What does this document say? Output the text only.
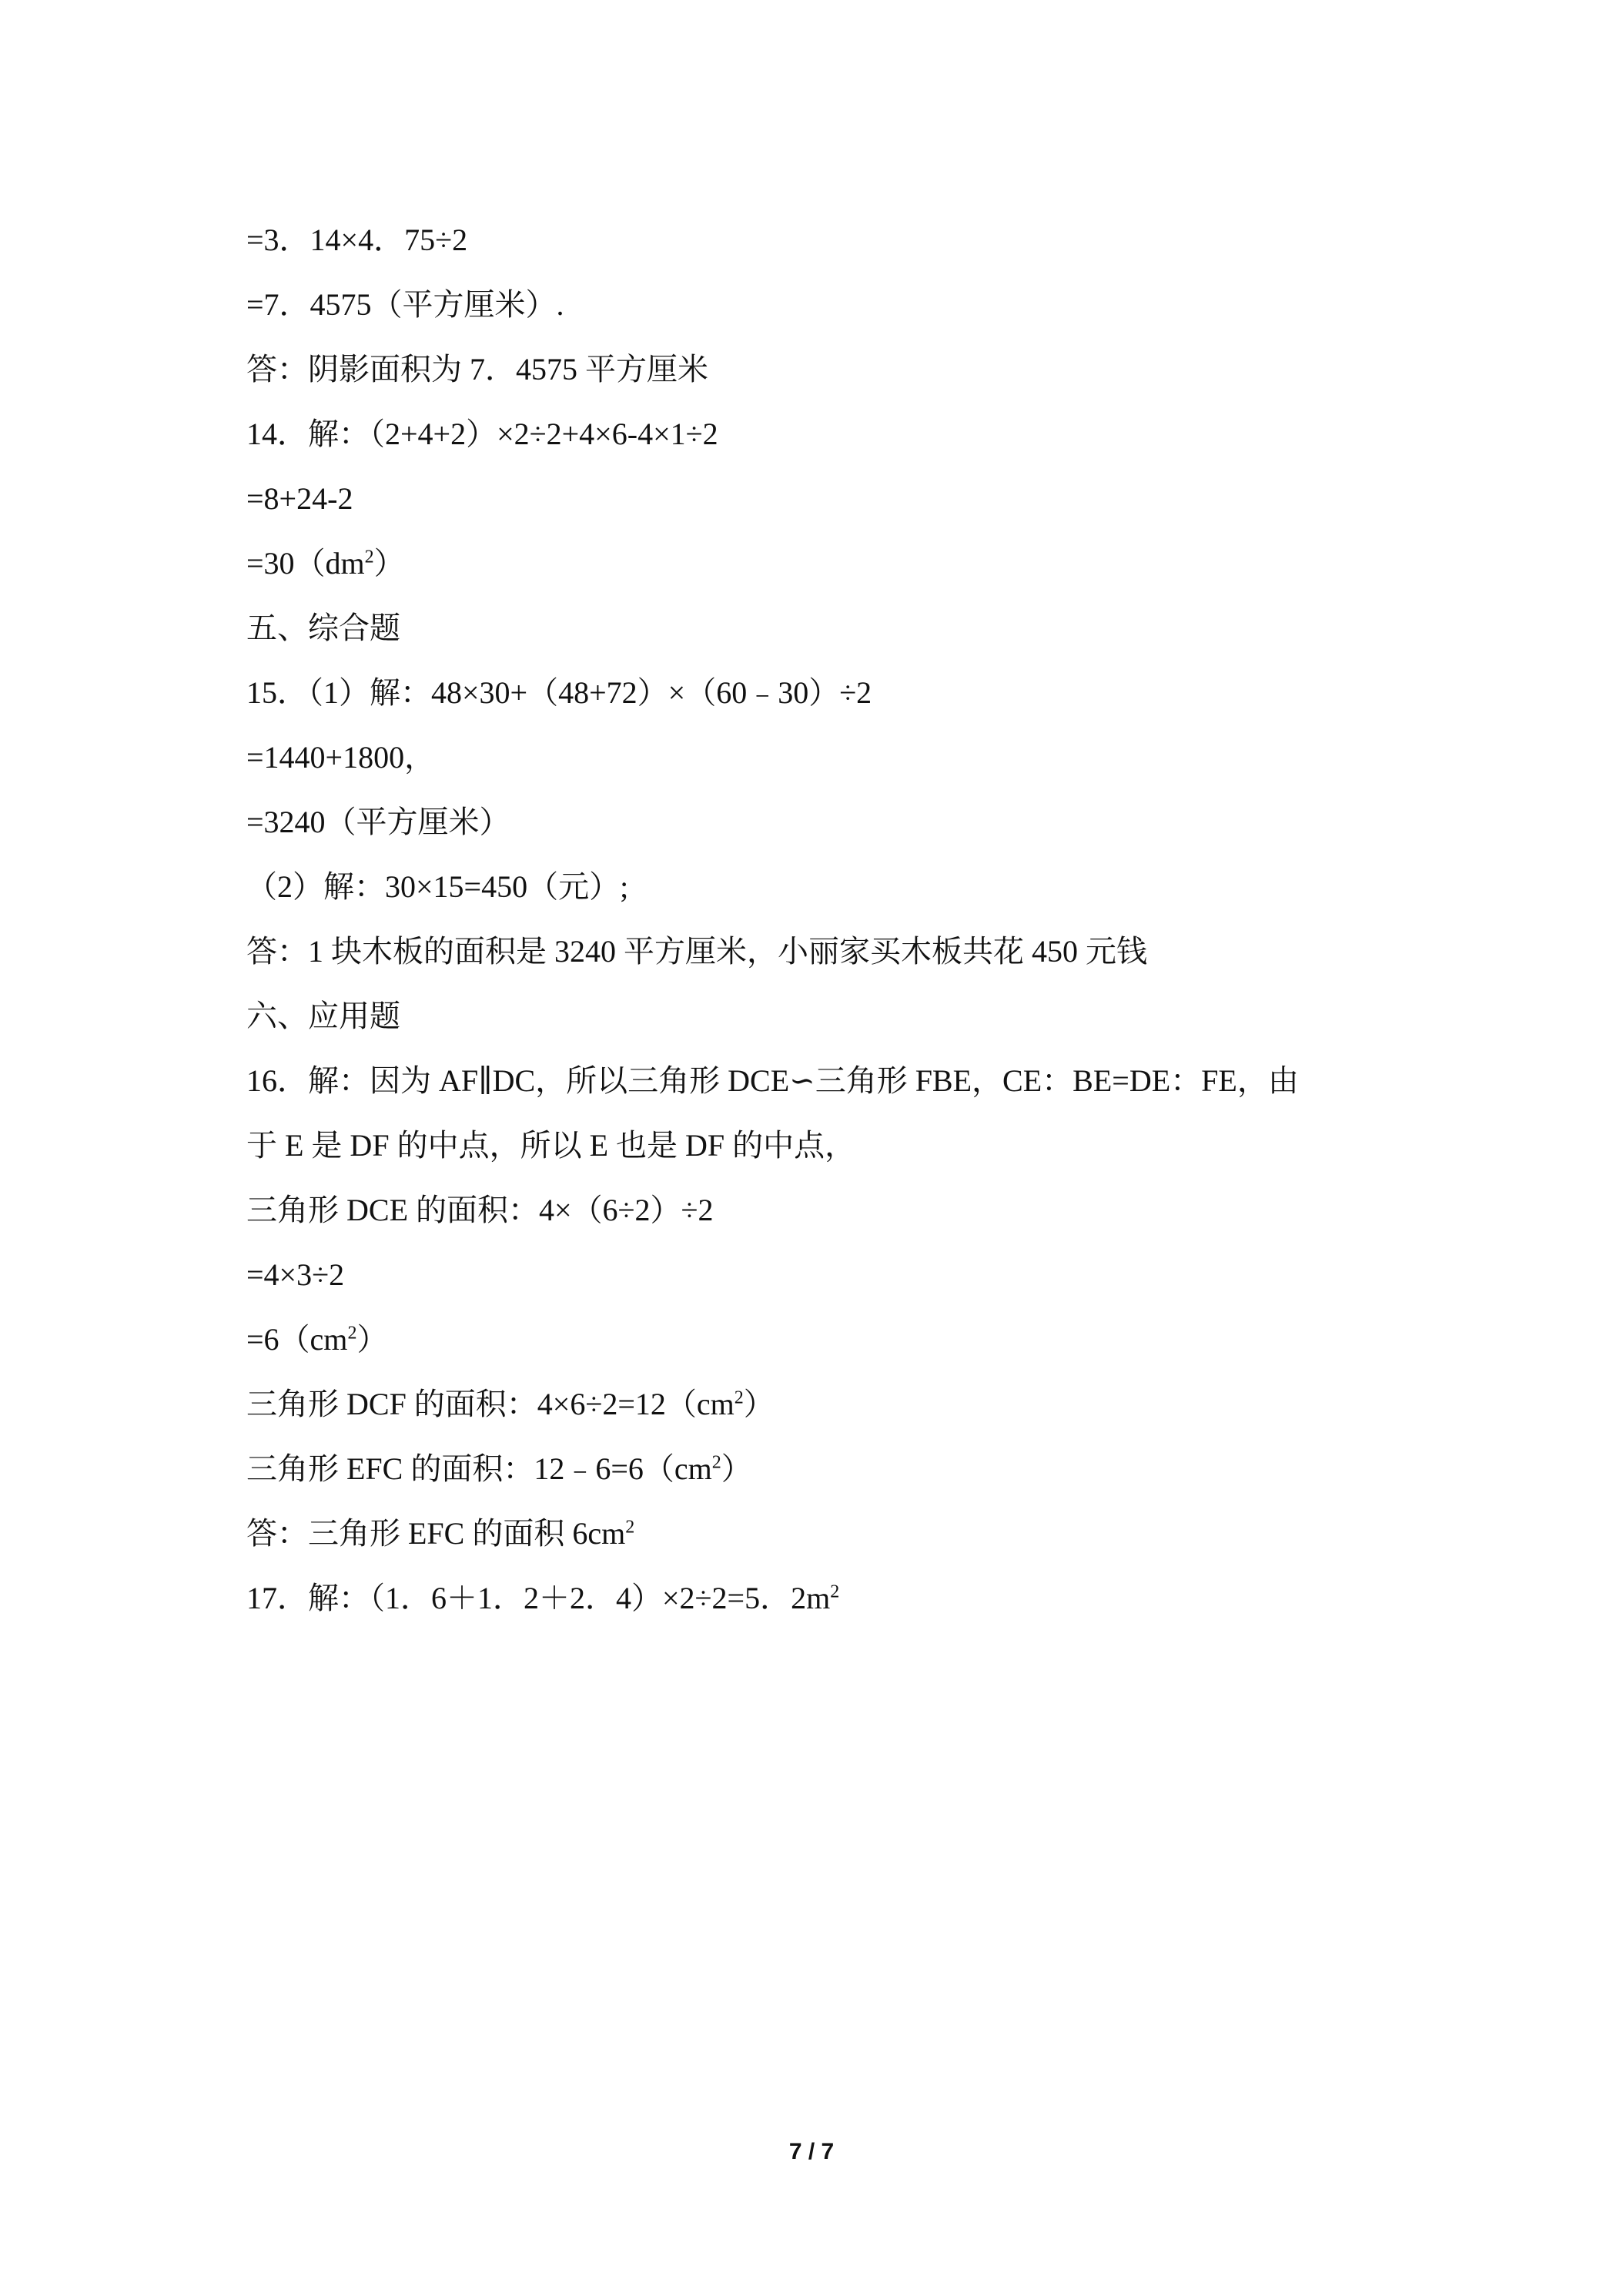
=3．14×4．75÷2

=7．4575（平方厘米）.

答：阴影面积为 7．4575 平方厘米

14．解：（2+4+2）×2÷2+4×6-4×1÷2

=8+24-2

$=30(dm^2)$

五、综合题

15．（1）解：48×30+（48+72）×（60﹣30）÷2

=1440+1800，

=3240（平方厘米）

（2）解：30×15=450（元）;

答：1 块木板的面积是 3240 平方厘米，小丽家买木板共花 450 元钱

六、应用题

16．解：因为 AF∥DC，所以三角形 DCE∽三角形 FBE，CE：BE=DE：FE，由

于 E 是 DF 的中点，所以 E 也是 DF 的中点，

三角形 DCE 的面积：4×（6÷2）÷2

=4×3÷2

$=6(cm^2)$

三角形 DCF 的面积：$4\times 6\div 2=12(cm^2)$

三角形 EFC 的面积：$12﹣6=6(cm^2)$

答：三角形 EFC 的面积 $6cm^2$

17．解：（1．6＋1．2＋2．4）×2÷2=5．$2m^2$

7 / 7
